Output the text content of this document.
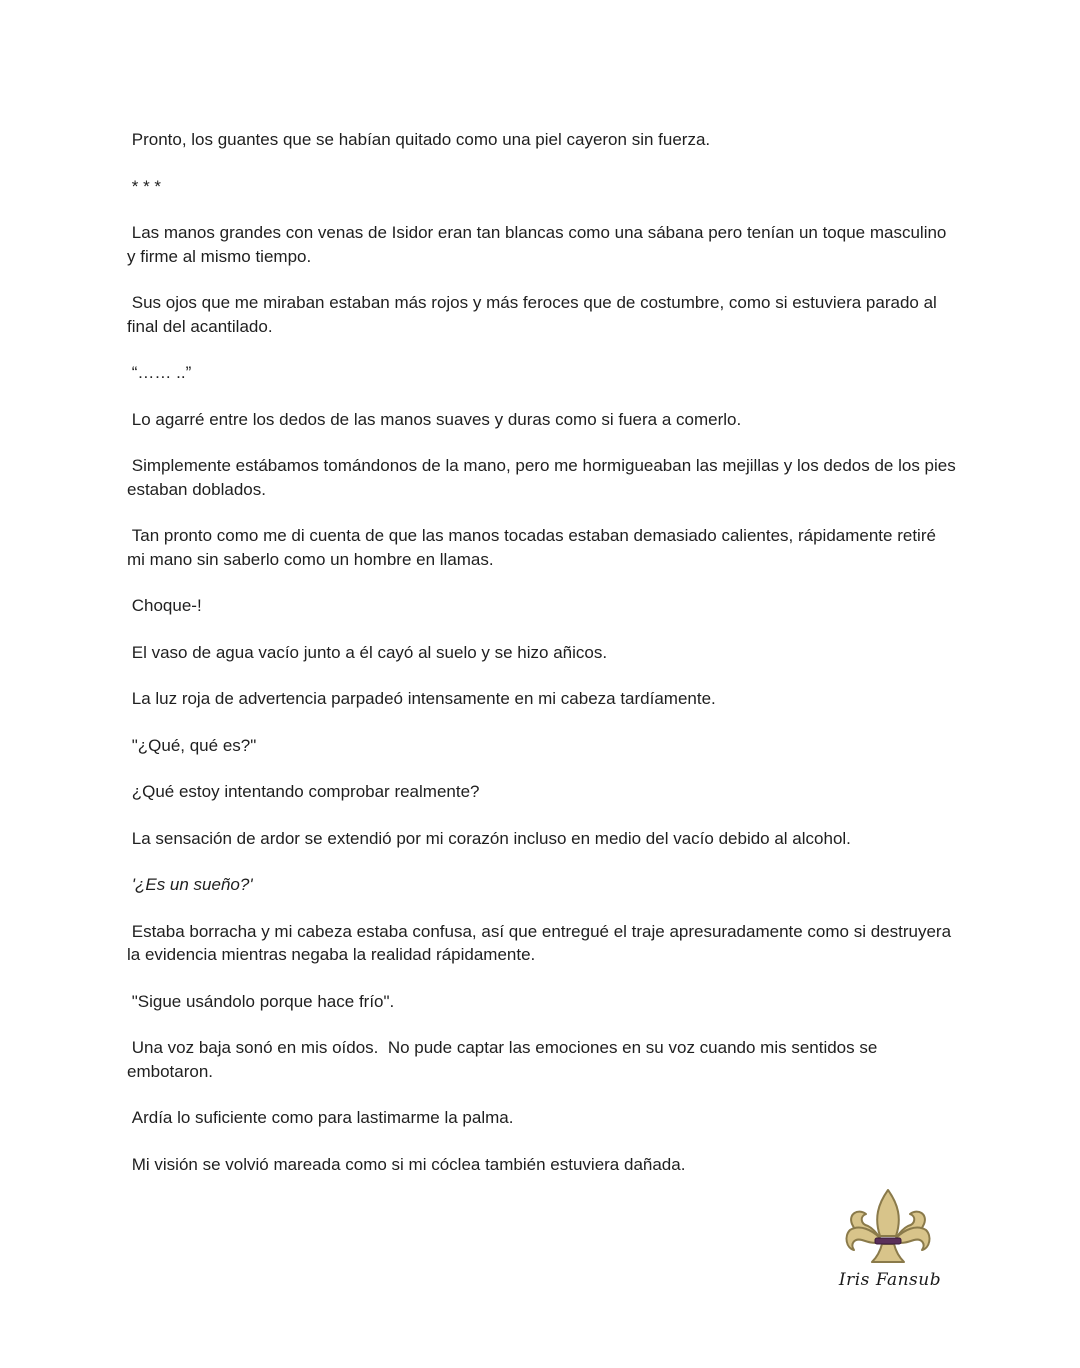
Pronto, los guantes que se habían quitado como una piel cayeron sin fuerza.

* * *

Las manos grandes con venas de Isidor eran tan blancas como una sábana pero tenían un toque masculino y firme al mismo tiempo.

Sus ojos que me miraban estaban más rojos y más feroces que de costumbre, como si estuviera parado al final del acantilado.

“…… ..”

Lo agarré entre los dedos de las manos suaves y duras como si fuera a comerlo.

Simplemente estábamos tomándonos de la mano, pero me hormigueaban las mejillas y los dedos de los pies estaban doblados.

Tan pronto como me di cuenta de que las manos tocadas estaban demasiado calientes, rápidamente retiré mi mano sin saberlo como un hombre en llamas.

Choque-!

El vaso de agua vacío junto a él cayó al suelo y se hizo añicos.

La luz roja de advertencia parpadeó intensamente en mi cabeza tardíamente.

"¿Qué, qué es?"

¿Qué estoy intentando comprobar realmente?

La sensación de ardor se extendió por mi corazón incluso en medio del vacío debido al alcohol.

'¿Es un sueño?'

Estaba borracha y mi cabeza estaba confusa, así que entregué el traje apresuradamente como si destruyera la evidencia mientras negaba la realidad rápidamente.

"Sigue usándolo porque hace frío".

Una voz baja sonó en mis oídos.  No pude captar las emociones en su voz cuando mis sentidos se embotaron.

Ardía lo suficiente como para lastimarme la palma.

Mi visión se volvió mareada como si mi cóclea también estuviera dañada.

Iris Fansub
